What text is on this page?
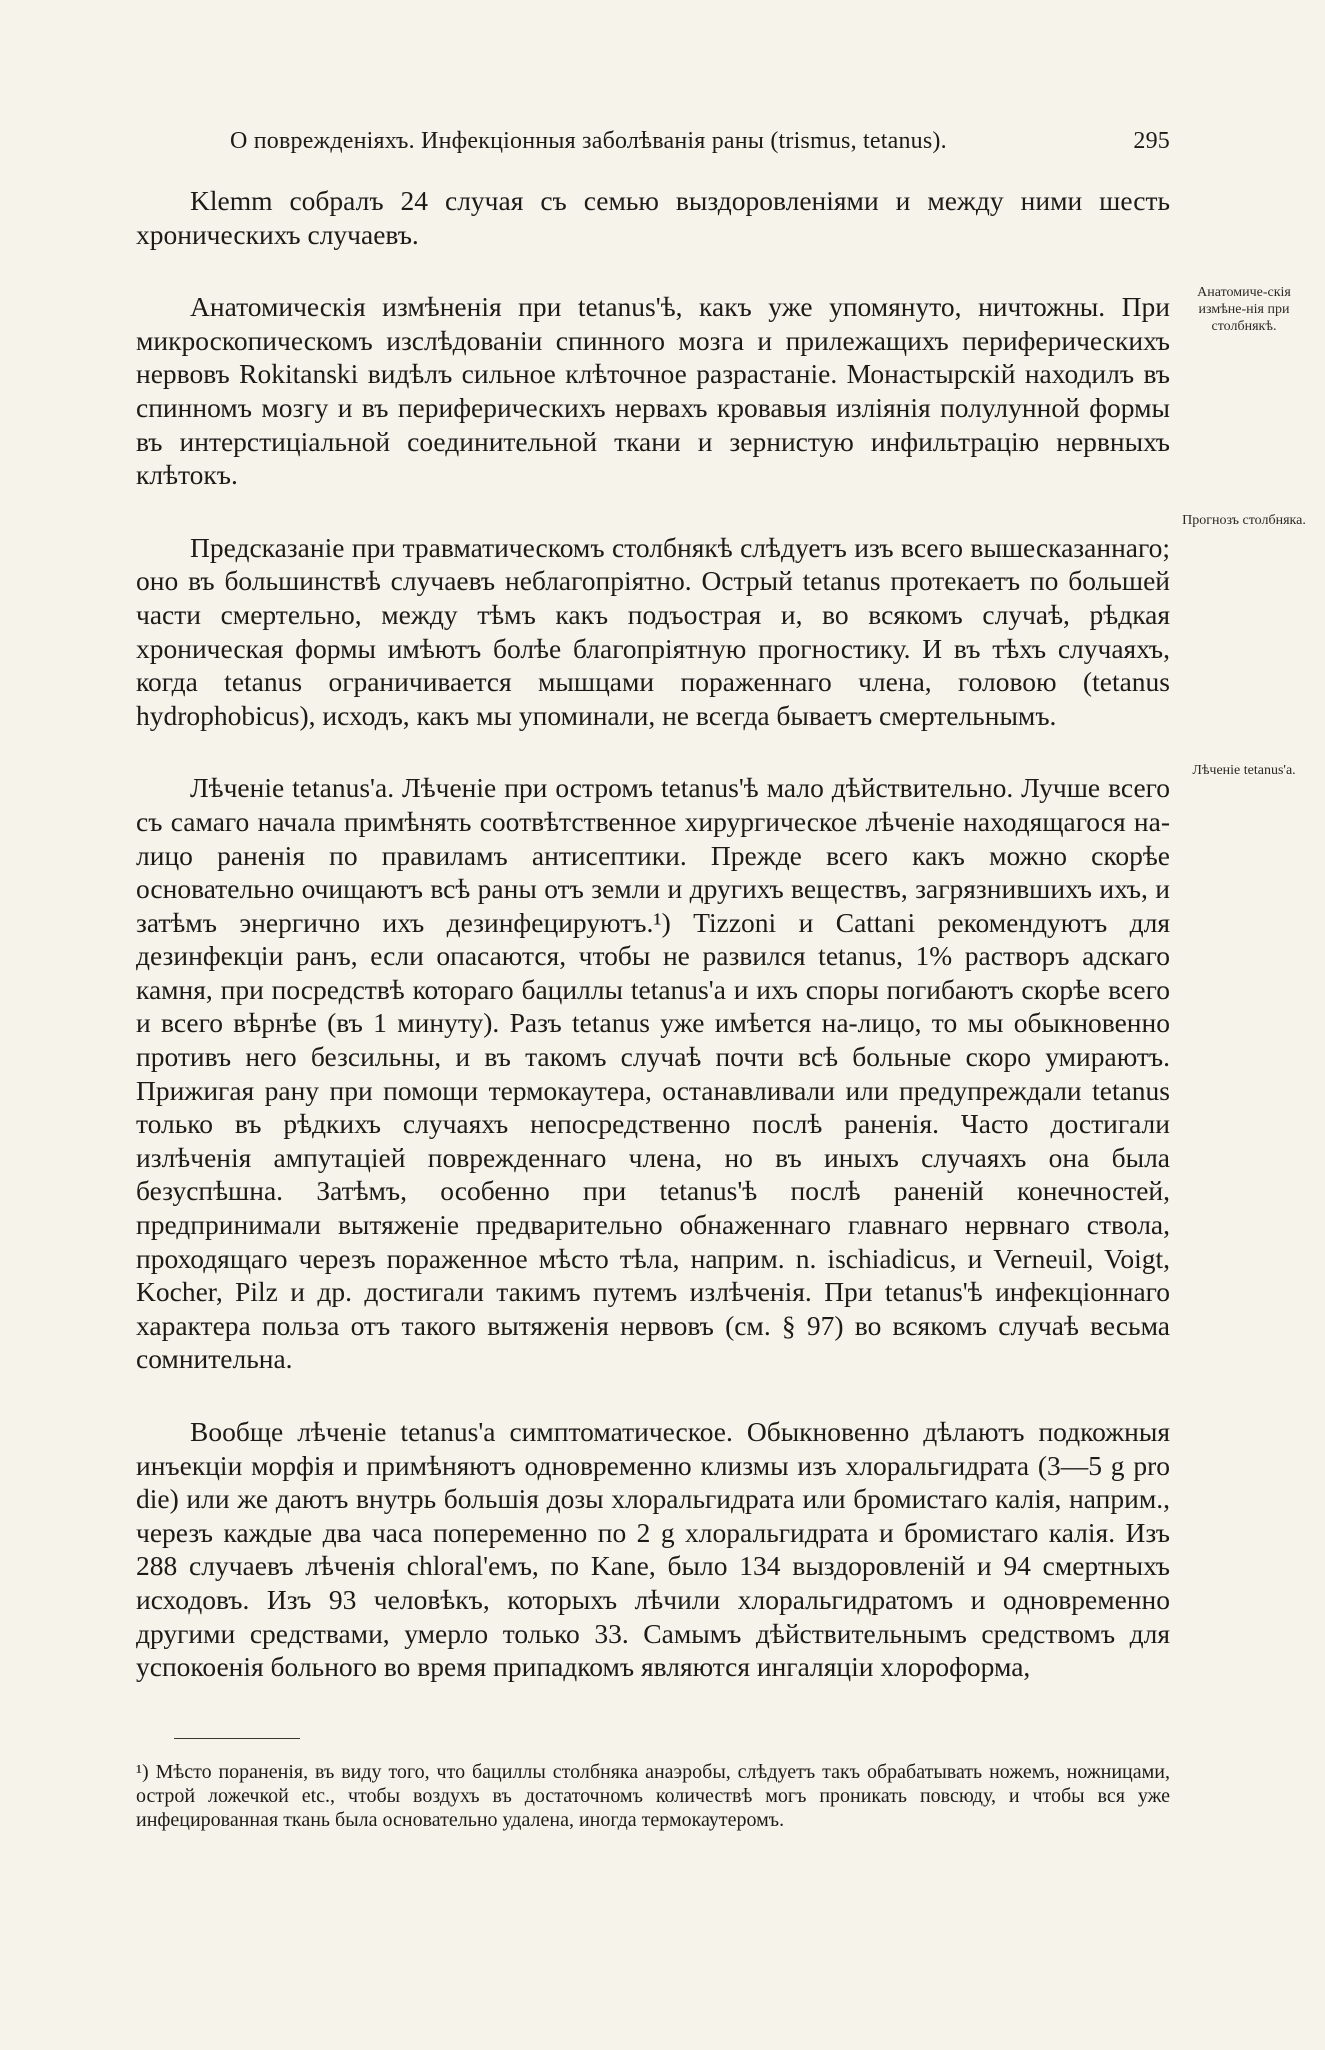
О поврежденіяхъ. Инфекціонныя заболѣванія раны (trismus, tetanus).	295

Klemm собралъ 24 случая съ семью выздоровленіями и между ними шесть хроническихъ случаевъ.

Анатомическія измѣненія при tetanus'ѣ, какъ уже упомянуто, ничтожны. При микроскопическомъ изслѣдованіи спинного мозга и прилежащихъ периферическихъ нервовъ Rokitanski видѣлъ сильное клѣточное разрастаніе. Монастырскій находилъ въ спинномъ мозгу и въ периферическихъ нервахъ кровавыя изліянія полулунной формы въ интерстиціальной соединительной ткани и зернистую инфильтрацію нервныхъ клѣтокъ.

Предсказаніе при травматическомъ столбнякѣ слѣдуетъ изъ всего вышесказаннаго; оно въ большинствѣ случаевъ неблагопріятно. Острый tetanus протекаетъ по большей части смертельно, между тѣмъ какъ подъострая и, во всякомъ случаѣ, рѣдкая хроническая формы имѣютъ болѣе благопріятную прогностику. И въ тѣхъ случаяхъ, когда tetanus ограничивается мышцами пораженнаго члена, головою (tetanus hydrophobicus), исходъ, какъ мы упоминали, не всегда бываетъ смертельнымъ.

Лѣченіе tetanus'а. Лѣченіе при остромъ tetanus'ѣ мало дѣйствительно. Лучше всего съ самаго начала примѣнять соотвѣтственное хирургическое лѣченіе находящагося на-лицо раненія по правиламъ антисептики. Прежде всего какъ можно скорѣе основательно очищаютъ всѣ раны отъ земли и другихъ веществъ, загрязнившихъ ихъ, и затѣмъ энергично ихъ дезинфецируютъ.¹) Tizzoni и Cattani рекомендуютъ для дезинфекціи ранъ, если опасаются, чтобы не развился tetanus, 1% растворъ адскаго камня, при посредствѣ котораго бациллы tetanus'а и ихъ споры погибаютъ скорѣе всего и всего вѣрнѣе (въ 1 минуту). Разъ tetanus уже имѣется на-лицо, то мы обыкновенно противъ него безсильны, и въ такомъ случаѣ почти всѣ больные скоро умираютъ. Прижигая рану при помощи термокаутера, останавливали или предупреждали tetanus только въ рѣдкихъ случаяхъ непосредственно послѣ раненія. Часто достигали излѣченія ампутаціей поврежденнаго члена, но въ иныхъ случаяхъ она была безуспѣшна. Затѣмъ, особенно при tetanus'ѣ послѣ раненій конечностей, предпринимали вытяженіе предварительно обнаженнаго главнаго нервнаго ствола, проходящаго черезъ пораженное мѣсто тѣла, наприм. n. ischiadicus, и Verneuil, Voigt, Kocher, Pilz и др. достигали такимъ путемъ излѣченія. При tetanus'ѣ инфекціоннаго характера польза отъ такого вытяженія нервовъ (см. § 97) во всякомъ случаѣ весьма сомнительна.

Вообще лѣченіе tetanus'а симптоматическое. Обыкновенно дѣлаютъ подкожныя инъекціи морфія и примѣняютъ одновременно клизмы изъ хлоральгидрата (3—5 g pro die) или же даютъ внутрь большія дозы хлоральгидрата или бромистаго калія, наприм., черезъ каждые два часа попеременно по 2 g хлоральгидрата и бромистаго калія. Изъ 288 случаевъ лѣченія chloral'емъ, по Kane, было 134 выздоровленій и 94 смертныхъ исходовъ. Изъ 93 человѣкъ, которыхъ лѣчили хлоральгидратомъ и одновременно другими средствами, умерло только 33. Самымъ дѣйствительнымъ средствомъ для успокоенія больного во время припадкомъ являются ингаляціи хлороформа,

Анатомиче-скія измѣне-нія при столбнякѣ.
Прогнозъ столбняка.
Лѣченіе tetanus'а.
¹) Мѣсто пораненія, въ виду того, что бациллы столбняка анаэробы, слѣдуетъ такъ обрабатывать ножемъ, ножницами, острой ложечкой etc., чтобы воздухъ въ достаточномъ количествѣ могъ проникать повсюду, и чтобы вся уже инфецированная ткань была основательно удалена, иногда термокаутеромъ.
